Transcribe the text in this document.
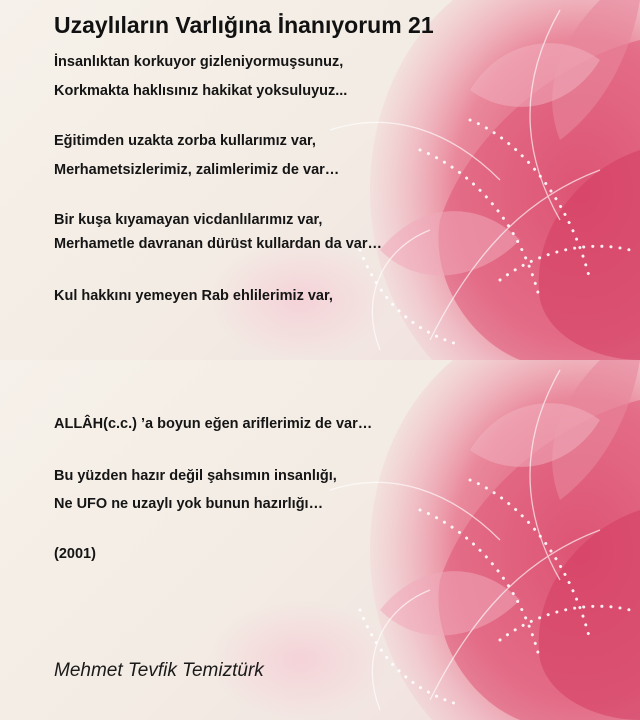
Uzaylıların Varlığına İnanıyorum 21
İnsanlıktan korkuyor gizleniyormuşsunuz,
Korkmakta haklısınız hakikat yoksuluyuz...
Eğitimden uzakta zorba kullarımız var,
Merhametsizlerimiz, zalimlerimiz de var…
Bir kuşa kıyamayan vicdanlılarımız var,
Merhametle davranan dürüst kullardan da var…
Kul hakkını yemeyen Rab ehlilerimiz var,
ALLÂH(c.c.) ’a boyun eğen ariflerimiz de var…
Bu yüzden hazır değil şahsımın insanlığı,
Ne UFO ne uzaylı yok bunun hazırlığı…
(2001)
Mehmet Tevfik Temiztürk
